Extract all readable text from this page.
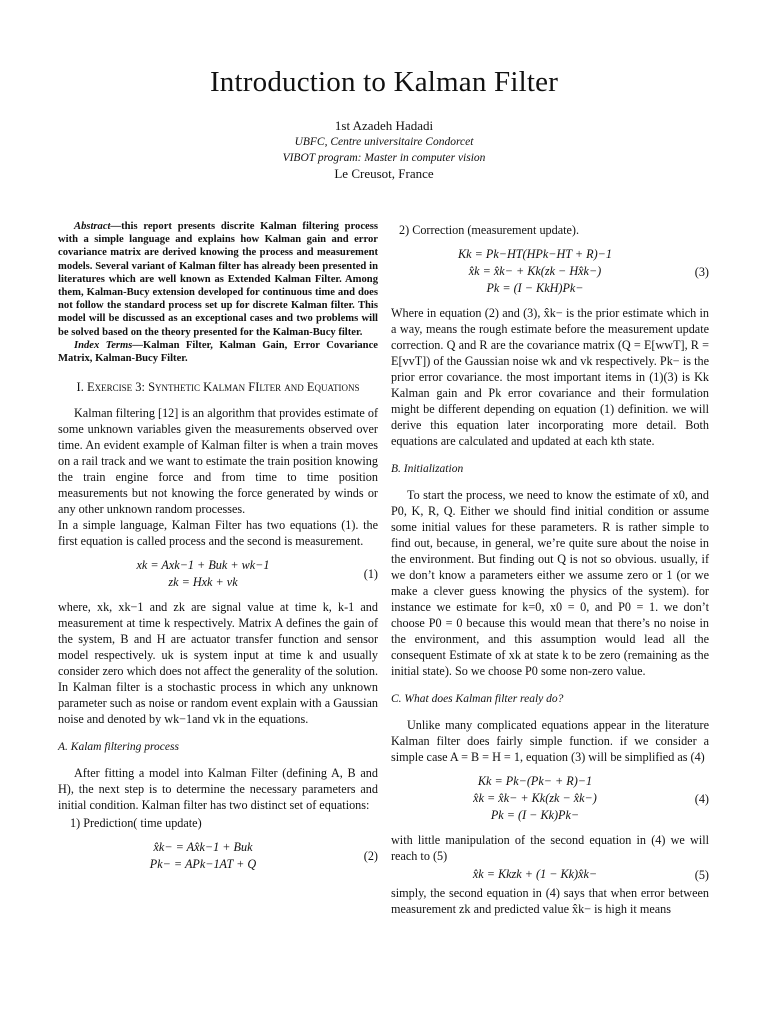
Introduction to Kalman Filter
1st Azadeh Hadadi
UBFC, Centre universitaire Condorcet
VIBOT program: Master in computer vision
Le Creusot, France

Abstract—this report presents discrite Kalman filtering process with a simple language and explains how Kalman gain and error covariance matrix are derived knowing the process and measurement models. Several variant of Kalman filter has already been presented in literatures which are well known as Extended Kalman Filter. Among them, Kalman-Bucy extension developed for continuous time and does not follow the standard process set up for discrete Kalman filter. This model will be discussed as an exceptional cases and two problems will be solved based on the theory presented for the Kalman-Bucy filter.

Index Terms—Kalman Filter, Kalman Gain, Error Covariance Matrix, Kalman-Bucy Filter.

I. Exercise 3: Synthetic Kalman FIlter and Equations

Kalman filtering [12] is an algorithm that provides estimate of some unknown variables given the measurements observed over time. An evident example of Kalman filter is when a train moves on a rail track and we want to estimate the train position knowing the train engine force and from time to time position measurements but not knowing the force generated by winds or any other unknown random processes.

In a simple language, Kalman Filter has two equations (1). the first equation is called process and the second is measurement.

xk = Axk−1 + Buk + wk−1
zk = Hxk + vk
(1)

where, xk, xk−1 and zk are signal value at time k, k-1 and measurement at time k respectively. Matrix A defines the gain of the system, B and H are actuator transfer function and sensor model respectively. uk is system input at time k and usually consider zero which does not affect the generality of the solution. In Kalman filter is a stochastic process in which any unknown parameter such as noise or random event explain with a Gaussian noise and denoted by wk−1and vk in the equations.

A. Kalam filtering process

After fitting a model into Kalman Filter (defining A, B and H), the next step is to determine the necessary parameters and initial condition. Kalman filter has two distinct set of equations:

1) Prediction( time update)

x̂k− = Ax̂k−1 + Buk
Pk− = APk−1AT + Q
(2)

2) Correction (measurement update).

Kk = Pk−HT(HPk−HT + R)−1
x̂k = x̂k− + Kk(zk − Hx̂k−)
Pk = (I − KkH)Pk−
(3)

Where in equation (2) and (3), x̂k− is the prior estimate which in a way, means the rough estimate before the measurement update correction. Q and R are the covariance matrix (Q = E[wwT], R = E[vvT]) of the Gaussian noise wk and vk respectively. Pk− is the prior error covariance. the most important items in (1)(3) is Kk Kalman gain and Pk error covariance and their formulation might be different depending on equation (1) definition. we will derive this equation later incorporating more detail. Both equations are calculated and updated at each kth state.

B. Initialization

To start the process, we need to know the estimate of x0, and P0, K, R, Q. Either we should find initial condition or assume some initial values for these parameters. R is rather simple to find out, because, in general, we’re quite sure about the noise in the environment. But finding out Q is not so obvious. usually, if we don’t know a parameters either we assume zero or 1 (or we make a clever guess knowing the physics of the system). for instance we estimate for k=0, x0 = 0, and P0 = 1. we don’t choose P0 = 0 because this would mean that there’s no noise in the environment, and this assumption would lead all the consequent Estimate of xk at state k to be zero (remaining as the initial state). So we choose P0 some non-zero value.

C. What does Kalman filter realy do?

Unlike many complicated equations appear in the literature Kalman filter does fairly simple function. if we consider a simple case A = B = H = 1, equation (3) will be simplified as (4)

Kk = Pk−(Pk− + R)−1
x̂k = x̂k− + Kk(zk − x̂k−)
Pk = (I − Kk)Pk−
(4)

with little manipulation of the second equation in (4) we will reach to (5)

x̂k = Kkzk + (1 − Kk)x̂k−	(5)

simply, the second equation in (4) says that when error between measurement zk and predicted value x̂k− is high it means
